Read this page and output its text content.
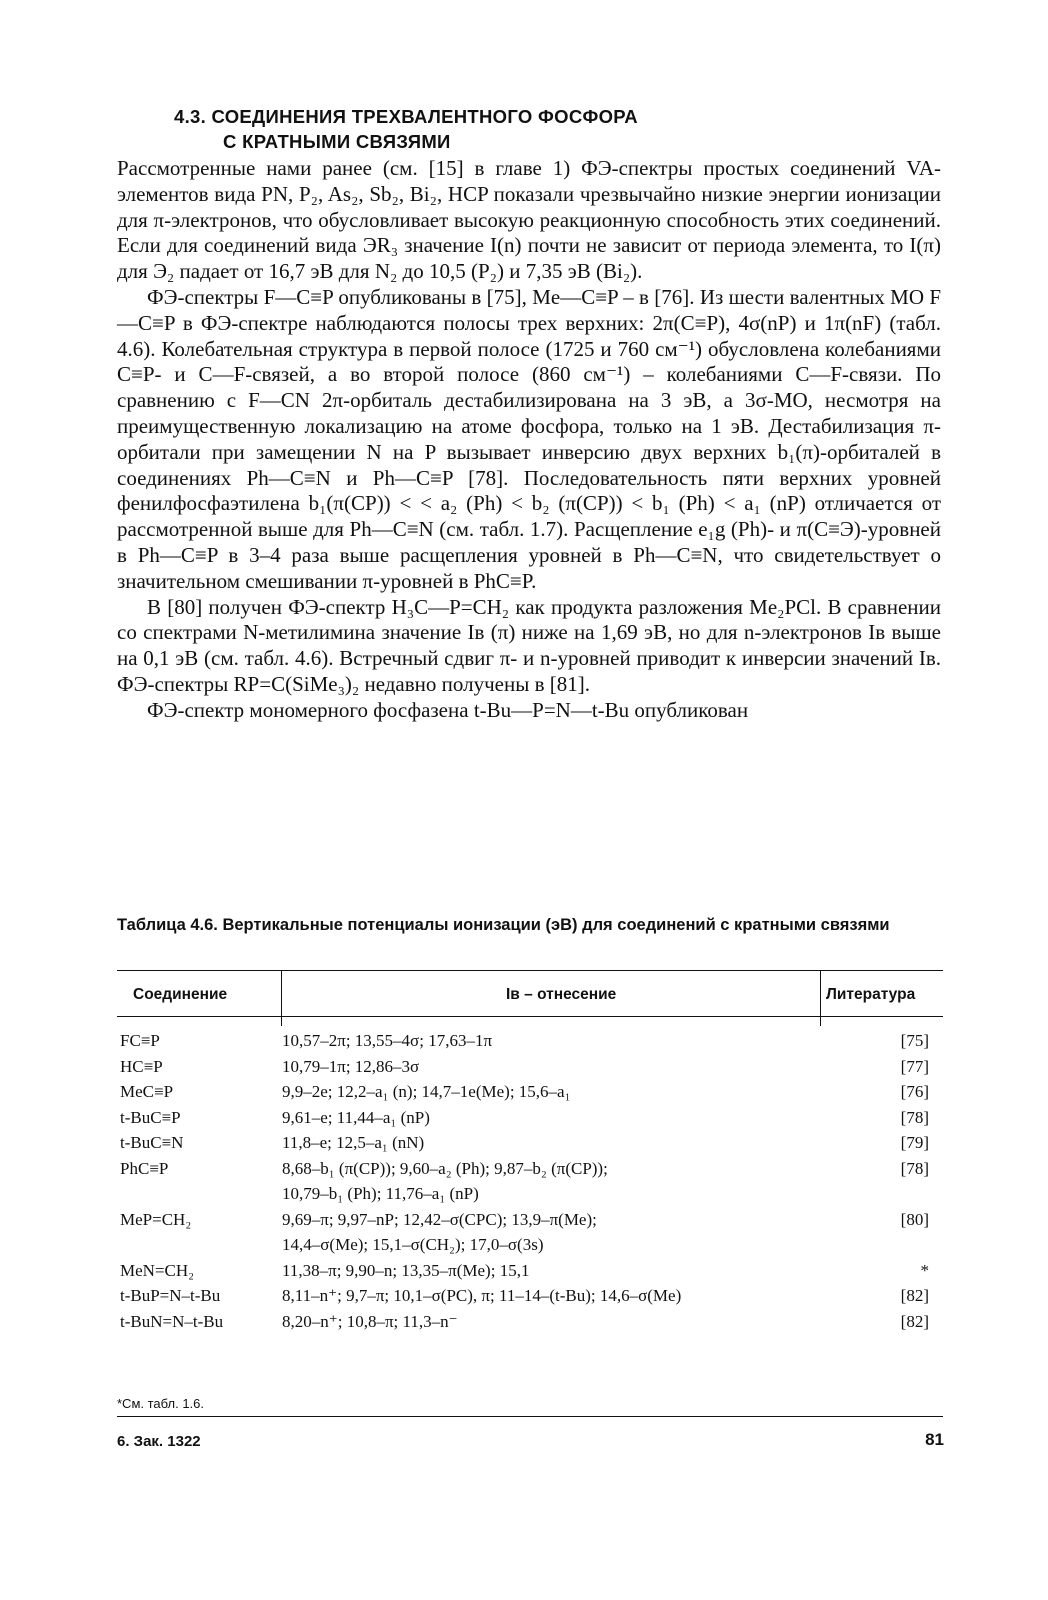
4.3. СОЕДИНЕНИЯ ТРЕХВАЛЕНТНОГО ФОСФОРА
С КРАТНЫМИ СВЯЗЯМИ

Рассмотренные нами ранее (см. [15] в главе 1) ФЭ-спектры простых соединений VA-элементов вида PN, P₂, As₂, Sb₂, Bi₂, HCP показали чрезвычайно низкие энергии ионизации для π-электронов, что обусловливает высокую реакционную способность этих соединений. Если для соединений вида ЭR₃ значение I(n) почти не зависит от периода элемента, то I(π) для Э₂ падает от 16,7 эВ для N₂ до 10,5 (P₂) и 7,35 эВ (Bi₂).

ФЭ-спектры F—C≡P опубликованы в [75], Me—C≡P – в [76]. Из шести валентных МО F—C≡P в ФЭ-спектре наблюдаются полосы трех верхних: 2π(C≡P), 4σ(nP) и 1π(nF) (табл. 4.6). Колебательная структура в первой полосе (1725 и 760 см⁻¹) обусловлена колебаниями C≡P- и C—F-связей, а во второй полосе (860 см⁻¹) – колебаниями C—F-связи. По сравнению с F—CN 2π-орбиталь дестабилизирована на 3 эВ, а 3σ-МО, несмотря на преимущественную локализацию на атоме фосфора, только на 1 эВ. Дестабилизация π-орбитали при замещении N на P вызывает инверсию двух верхних b₁(π)-орбиталей в соединениях Ph—C≡N и Ph—C≡P [78]. Последовательность пяти верхних уровней фенилфосфаэтилена b₁(π(CP)) < < a₂ (Ph) < b₂ (π(CP)) < b₁ (Ph) < a₁ (nP) отличается от рассмотренной выше для Ph—C≡N (см. табл. 1.7). Расщепление e₁g (Ph)- и π(C≡Э)-уровней в Ph—C≡P в 3–4 раза выше расщепления уровней в Ph—C≡N, что свидетельствует о значительном смешивании π-уровней в PhC≡P.

В [80] получен ФЭ-спектр H₃C—P=CH₂ как продукта разложения Me₂PCl. В сравнении со спектрами N-метилимина значение Iв (π) ниже на 1,69 эВ, но для n-электронов Iв выше на 0,1 эВ (см. табл. 4.6). Встречный сдвиг π- и n-уровней приводит к инверсии значений Iв. ФЭ-спектры RP=C(SiMe₃)₂ недавно получены в [81].

ФЭ-спектр мономерного фосфазена t-Bu—P=N—t-Bu опубликован

Таблица 4.6. Вертикальные потенциалы ионизации (эВ) для соединений с кратными связями
Соединение	Iв – отнесение	Литература
FC≡P	10,57–2π; 13,55–4σ; 17,63–1π	[75]
HC≡P	10,79–1π; 12,86–3σ	[77]
MeC≡P	9,9–2e; 12,2–a₁ (n); 14,7–1e(Me); 15,6–a₁	[76]
t-BuC≡P	9,61–e; 11,44–a₁ (nP)	[78]
t-BuC≡N	11,8–e; 12,5–a₁ (nN)	[79]
PhC≡P	8,68–b₁ (π(CP)); 9,60–a₂ (Ph); 9,87–b₂ (π(CP));	[78]
	10,79–b₁ (Ph); 11,76–a₁ (nP)	
MeP=CH₂	9,69–π; 9,97–nP; 12,42–σ(CPC); 13,9–π(Me);	[80]
	14,4–σ(Me); 15,1–σ(CH₂); 17,0–σ(3s)	
MeN=CH₂	11,38–π; 9,90–n; 13,35–π(Me); 15,1	*
t-BuP=N–t-Bu	8,11–n⁺; 9,7–π; 10,1–σ(PC), π; 11–14–(t-Bu); 14,6–σ(Me)	[82]
t-BuN=N–t-Bu	8,20–n⁺; 10,8–π; 11,3–n⁻	[82]
*См. табл. 1.6.
6. Зак. 1322	81
